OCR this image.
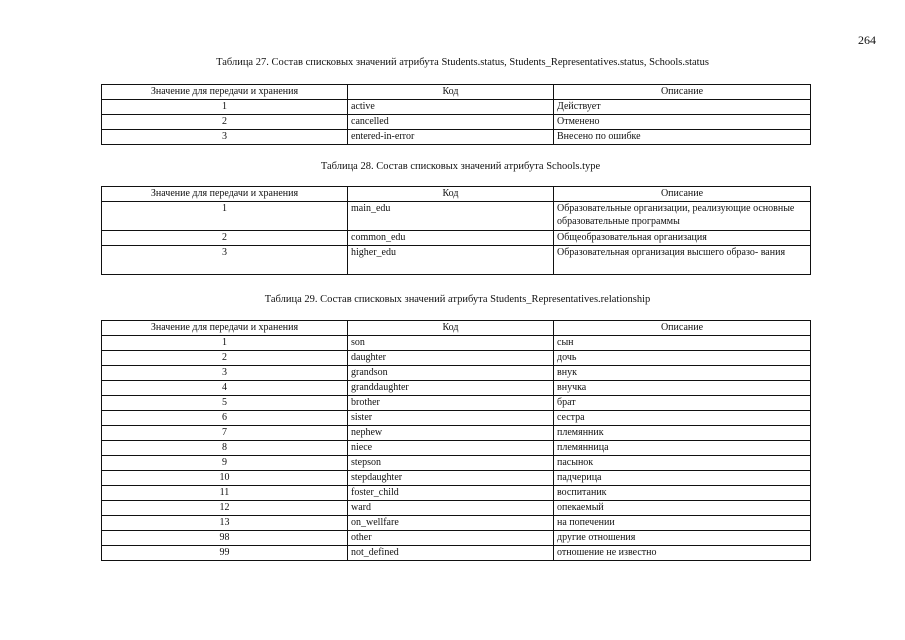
264
Таблица 27. Состав списковых значений атрибута Students.status, Students_Representatives.status, Schools.status
Значение для передачи и хранения	Код	Описание
1	active	Действует
2	cancelled	Отменено
3	entered-in-error	Внесено по ошибке
Таблица 28. Состав списковых значений атрибута Schools.type
Значение для передачи и хранения	Код	Описание
1	main_edu	Образовательные организации, реализующие основные образовательные программы
2	common_edu	Общеобразовательная организация
3	higher_edu	Образовательная организация высшего образо- вания
Таблица 29. Состав списковых значений атрибута Students_Representatives.relationship
Значение для передачи и хранения	Код	Описание
1	son	сын
2	daughter	дочь
3	grandson	внук
4	granddaughter	внучка
5	brother	брат
6	sister	сестра
7	nephew	племянник
8	niece	племянница
9	stepson	пасынок
10	stepdaughter	падчерица
11	foster_child	воспитаник
12	ward	опекаемый
13	on_wellfare	на попечении
98	other	другие отношения
99	not_defined	отношение не известно
